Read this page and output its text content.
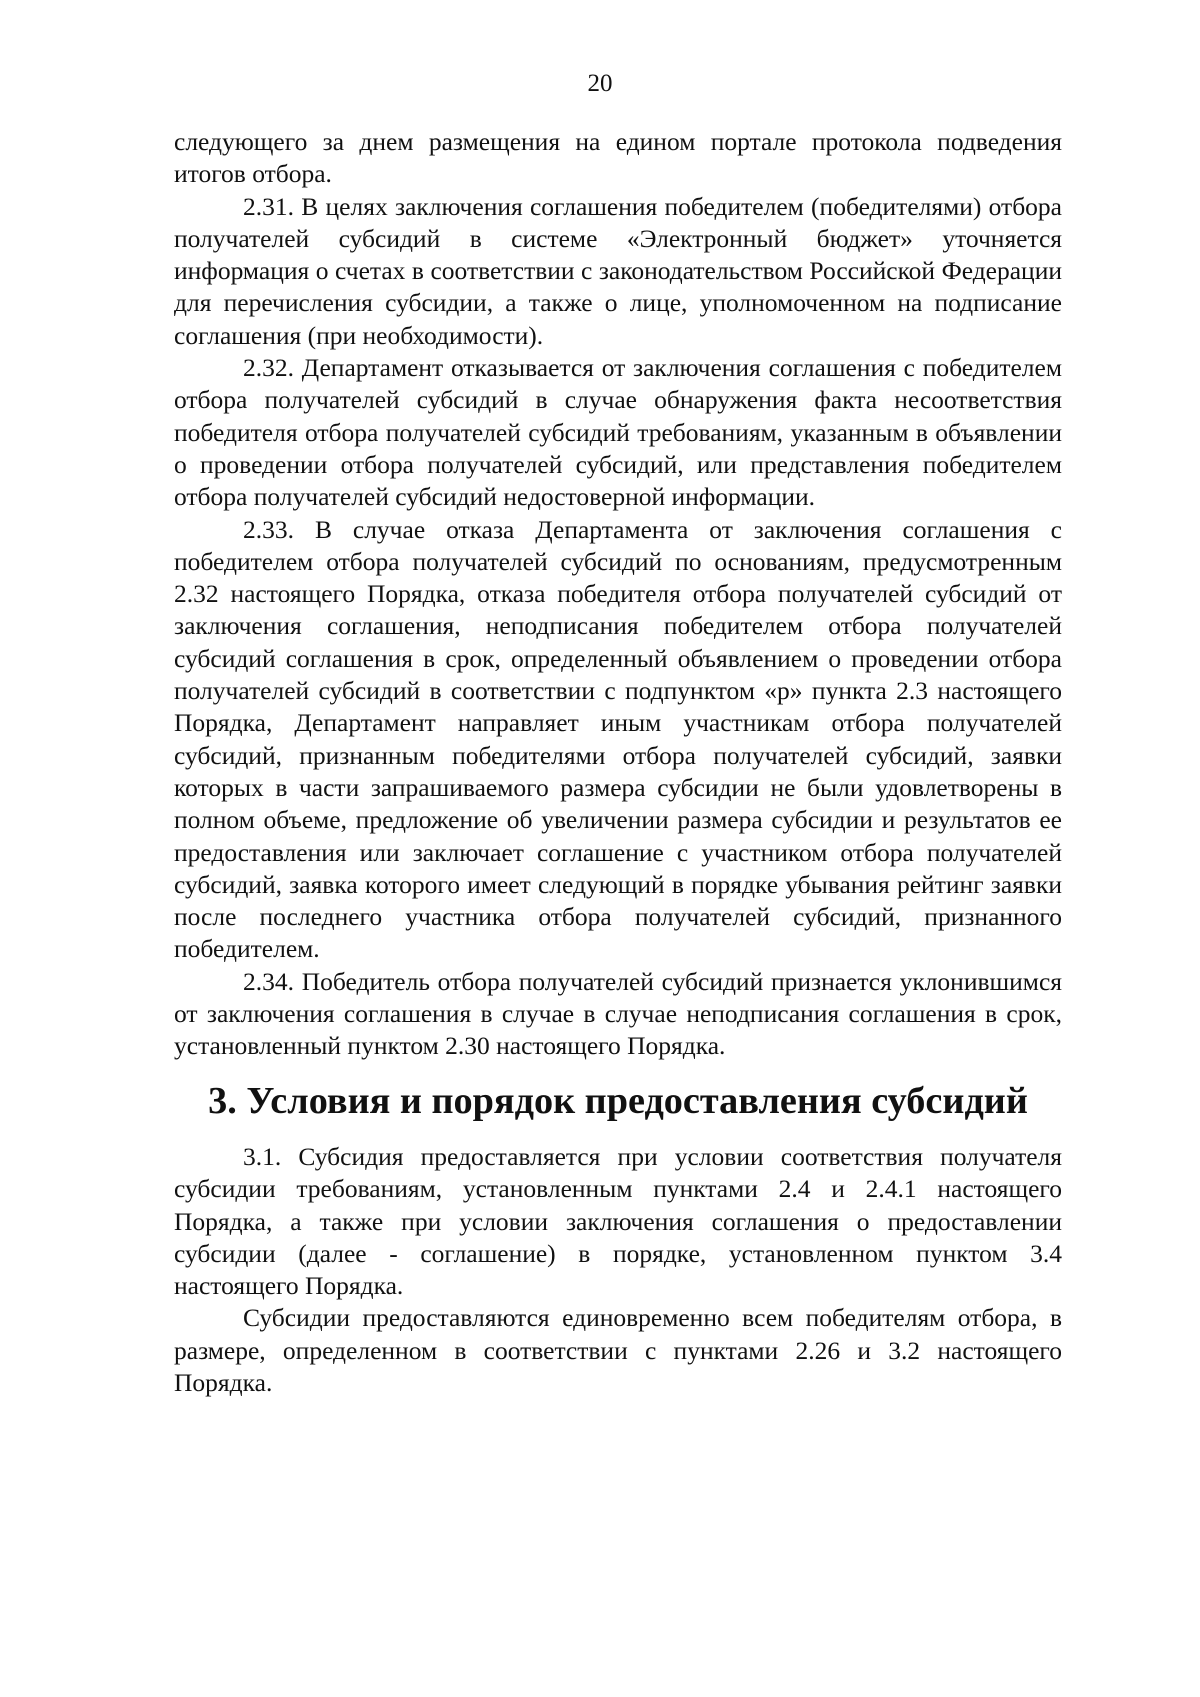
20

следующего за днем размещения на едином портале протокола подведения итогов отбора.

2.31. В целях заключения соглашения победителем (победителями) отбора получателей субсидий в системе «Электронный бюджет» уточняется информация о счетах в соответствии с законодательством Российской Федерации для перечисления субсидии, а также о лице, уполномоченном на подписание соглашения (при необходимости).

2.32. Департамент отказывается от заключения соглашения с победителем отбора получателей субсидий в случае обнаружения факта несоответствия победителя отбора получателей субсидий требованиям, указанным в объявлении о проведении отбора получателей субсидий, или представления победителем отбора получателей субсидий недостоверной информации.

2.33. В случае отказа Департамента от заключения соглашения с победителем отбора получателей субсидий по основаниям, предусмотренным 2.32 настоящего Порядка, отказа победителя отбора получателей субсидий от заключения соглашения, неподписания победителем отбора получателей субсидий соглашения в срок, определенный объявлением о проведении отбора получателей субсидий в соответствии с подпунктом «р» пункта 2.3 настоящего Порядка, Департамент направляет иным участникам отбора получателей субсидий, признанным победителями отбора получателей субсидий, заявки которых в части запрашиваемого размера субсидии не были удовлетворены в полном объеме, предложение об увеличении размера субсидии и результатов ее предоставления или заключает соглашение с участником отбора получателей субсидий, заявка которого имеет следующий в порядке убывания рейтинг заявки после последнего участника отбора получателей субсидий, признанного победителем.

2.34. Победитель отбора получателей субсидий признается уклонившимся от заключения соглашения в случае в случае неподписания соглашения в срок, установленный пунктом 2.30 настоящего Порядка.

3. Условия и порядок предоставления субсидий

3.1. Субсидия предоставляется при условии соответствия получателя субсидии требованиям, установленным пунктами 2.4 и 2.4.1 настоящего Порядка, а также при условии заключения соглашения о предоставлении субсидии (далее - соглашение) в порядке, установленном пунктом 3.4 настоящего Порядка.

Субсидии предоставляются единовременно всем победителям отбора, в размере, определенном в соответствии с пунктами 2.26 и 3.2 настоящего Порядка.
